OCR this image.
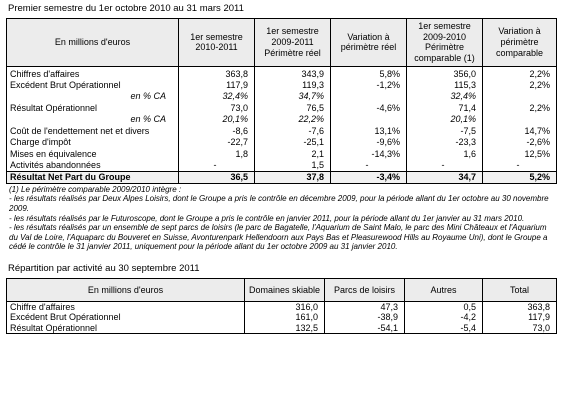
Premier semestre du 1er octobre 2010 au 31 mars 2011
En millions d'euros	1er semestre 2010-2011	1er semestre 2009-2011 Périmètre réel	Variation à périmètre réel	1er semestre 2009-2010 Périmètre comparable (1)	Variation à périmètre comparable
Chiffres d'affaires	363,8	343,9	5,8%	356,0	2,2%
Excédent Brut Opérationnel	117,9	119,3	-1,2%	115,3	2,2%
en % CA	32,4%	34,7%		32,4%	
Résultat Opérationnel	73,0	76,5	-4,6%	71,4	2,2%
en % CA	20,1%	22,2%		20,1%	
Coût de l'endettement net et divers	-8,6	-7,6	13,1%	-7,5	14,7%
Charge d'impôt	-22,7	-25,1	-9,6%	-23,3	-2,6%
Mises en équivalence	1,8	2,1	-14,3%	1,6	12,5%
Activités abandonnées	-	1,5	-	-	-
Résultat Net Part du Groupe	36,5	37,8	-3,4%	34,7	5,2%

(1) Le périmètre comparable 2009/2010 intègre :

- les résultats réalisés par Deux Alpes Loisirs, dont le Groupe a pris le contrôle en décembre 2009, pour la période allant du 1er octobre au 30 novembre 2009.

- les résultats réalisés par le Futuroscope, dont le Groupe a pris le contrôle en janvier 2011, pour la période allant du 1er janvier au 31 mars 2010.

- les résultats réalisés par un ensemble de sept parcs de loisirs (le parc de Bagatelle, l'Aquarium de Saint Malo, le parc des Mini Châteaux et l'Aquarium du Val de Loire, l'Aquaparc du Bouveret en Suisse, Avonturenpark Hellendoorn aux Pays Bas et Pleasurewood Hills au Royaume Uni), dont le Groupe a cédé le contrôle le 31 janvier 2011, uniquement pour la période allant du 1er octobre 2009 au 31 janvier 2010.

Répartition par activité au 30 septembre 2011
En millions d'euros	Domaines skiable	Parcs de loisirs	Autres	Total
Chiffre d'affaires	316,0	47,3	0,5	363,8
Excédent Brut Opérationnel	161,0	-38,9	-4,2	117,9
Résultat Opérationnel	132,5	-54,1	-5,4	73,0
